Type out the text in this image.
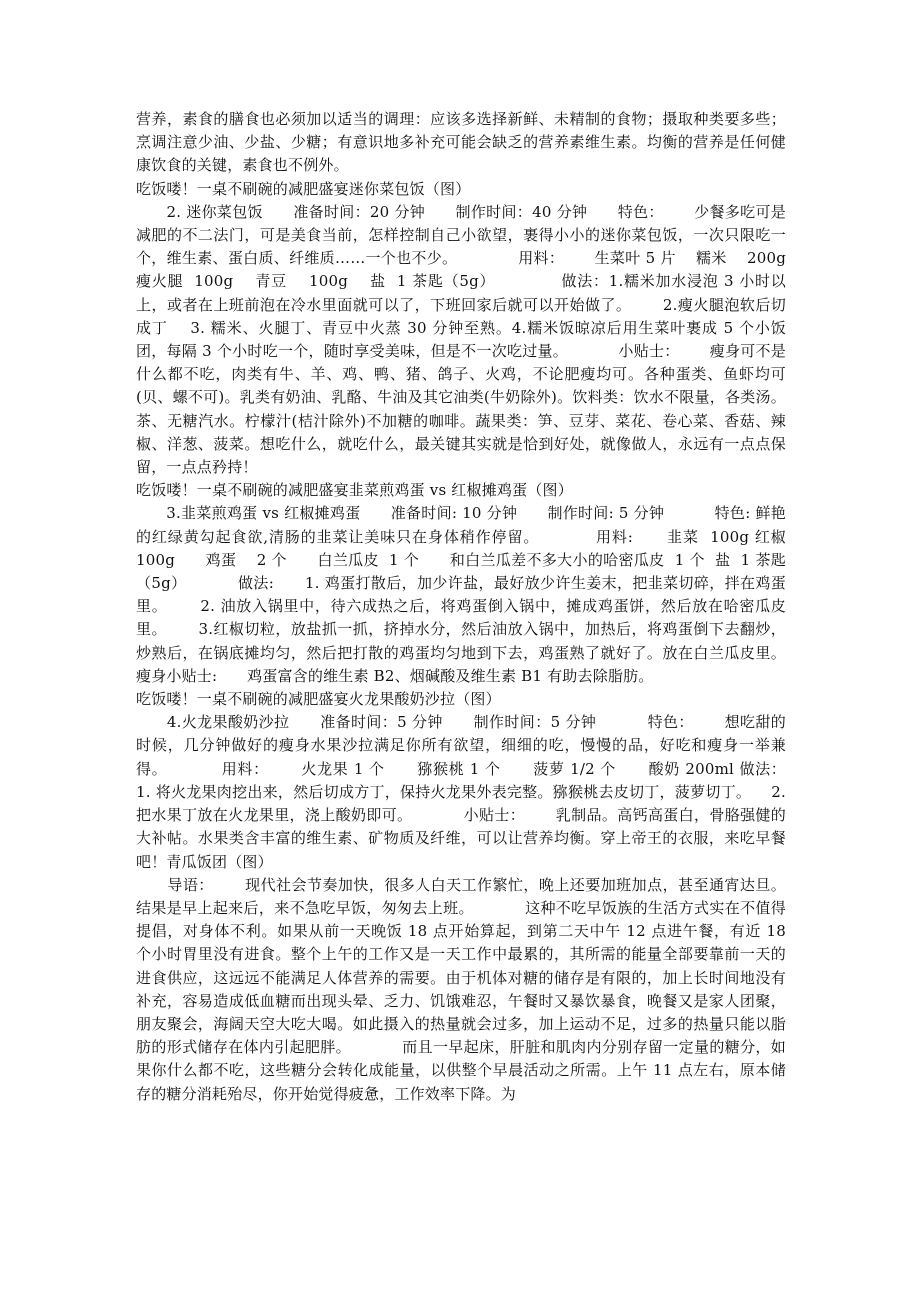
营养，素食的膳食也必须加以适当的调理：应该多选择新鲜、未精制的食物；摄取种类要多些；烹调注意少油、少盐、少糖；有意识地多补充可能会缺乏的营养素维生素。均衡的营养是任何健康饮食的关键，素食也不例外。

吃饭喽！一桌不刷碗的减肥盛宴迷你菜包饭（图）

2. 迷你菜包饭      准备时间：20 分钟      制作时间：40 分钟      特色：      少餐多吃可是减肥的不二法门，可是美食当前，怎样控制自己小欲望，裹得小小的迷你菜包饭，一次只限吃一个，维生素、蛋白质、纤维质……一个也不少。            用料：      生菜叶 5 片    糯米    200g    瘦火腿  100g    青豆    100g    盐  1 茶匙（5g）            做法：1.糯米加水浸泡 3 小时以上，或者在上班前泡在冷水里面就可以了，下班回家后就可以开始做了。      2.瘦火腿泡软后切成丁    3. 糯米、火腿丁、青豆中火蒸 30 分钟至熟。4.糯米饭晾凉后用生菜叶裹成 5 个小饭团，每隔 3 个小时吃一个，随时享受美味，但是不一次吃过量。          小贴士：      瘦身可不是什么都不吃，肉类有牛、羊、鸡、鸭、猪、鸽子、火鸡，不论肥瘦均可。各种蛋类、鱼虾均可(贝、螺不可)。乳类有奶油、乳酪、牛油及其它油类(牛奶除外)。饮料类：饮水不限量，各类汤。茶、无糖汽水。柠檬汁(桔汁除外)不加糖的咖啡。蔬果类：笋、豆芽、菜花、卷心菜、香菇、辣椒、洋葱、菠菜。想吃什么，就吃什么，最关键其实就是恰到好处，就像做人，永远有一点点保留，一点点矜持！

吃饭喽！一桌不刷碗的减肥盛宴韭菜煎鸡蛋 vs 红椒摊鸡蛋（图）

3.韭菜煎鸡蛋 vs 红椒摊鸡蛋      准备时间: 10 分钟      制作时间: 5 分钟          特色: 鲜艳的红绿黄勾起食欲,清肠的韭菜让美味只在身体稍作停留。          用料:      韭菜  100g 红椒  100g      鸡蛋    2 个      白兰瓜皮  1 个      和白兰瓜差不多大小的哈密瓜皮  1 个  盐  1 茶匙（5g）          做法:      1. 鸡蛋打散后，加少许盐，最好放少许生姜末，把韭菜切碎，拌在鸡蛋里。      2. 油放入锅里中，待六成热之后，将鸡蛋倒入锅中，摊成鸡蛋饼，然后放在哈密瓜皮里。      3.红椒切粒，放盐抓一抓，挤掉水分，然后油放入锅中，加热后，将鸡蛋倒下去翻炒，炒熟后，在锅底摊均匀，然后把打散的鸡蛋均匀地到下去，鸡蛋熟了就好了。放在白兰瓜皮里。          瘦身小贴士:      鸡蛋富含的维生素 B2、烟碱酸及维生素 B1 有助去除脂肪。

吃饭喽！一桌不刷碗的减肥盛宴火龙果酸奶沙拉（图）

4.火龙果酸奶沙拉      准备时间：5 分钟      制作时间：5 分钟          特色：      想吃甜的时候，几分钟做好的瘦身水果沙拉满足你所有欲望，细细的吃，慢慢的品，好吃和瘦身一举兼得。          用料：      火龙果 1 个      猕猴桃 1 个      菠萝 1/2 个      酸奶 200ml 做法：    1. 将火龙果肉挖出来，然后切成方丁，保持火龙果外表完整。猕猴桃去皮切丁，菠萝切丁。    2. 把水果丁放在火龙果里，浇上酸奶即可。          小贴士：      乳制品。高钙高蛋白，骨胳强健的大补帖。水果类含丰富的维生素、矿物质及纤维，可以让营养均衡。穿上帝王的衣服，来吃早餐吧！青瓜饭团（图）

导语：      现代社会节奏加快，很多人白天工作繁忙，晚上还要加班加点，甚至通宵达旦。结果是早上起来后，来不急吃早饭，匆匆去上班。          这种不吃早饭族的生活方式实在不值得提倡，对身体不利。如果从前一天晚饭 18 点开始算起，到第二天中午 12 点进午餐，有近 18 个小时胃里没有进食。整个上午的工作又是一天工作中最累的，其所需的能量全部要靠前一天的进食供应，这远远不能满足人体营养的需要。由于机体对糖的储存是有限的，加上长时间地没有补充，容易造成低血糖而出现头晕、乏力、饥饿难忍，午餐时又暴饮暴食，晚餐又是家人团聚，朋友聚会，海阔天空大吃大喝。如此摄入的热量就会过多，加上运动不足，过多的热量只能以脂肪的形式储存在体内引起肥胖。          而且一早起床，肝脏和肌肉内分别存留一定量的糖分，如果你什么都不吃，这些糖分会转化成能量，以供整个早晨活动之所需。上午 11 点左右，原本储存的糖分消耗殆尽，你开始觉得疲惫，工作效率下降。为
